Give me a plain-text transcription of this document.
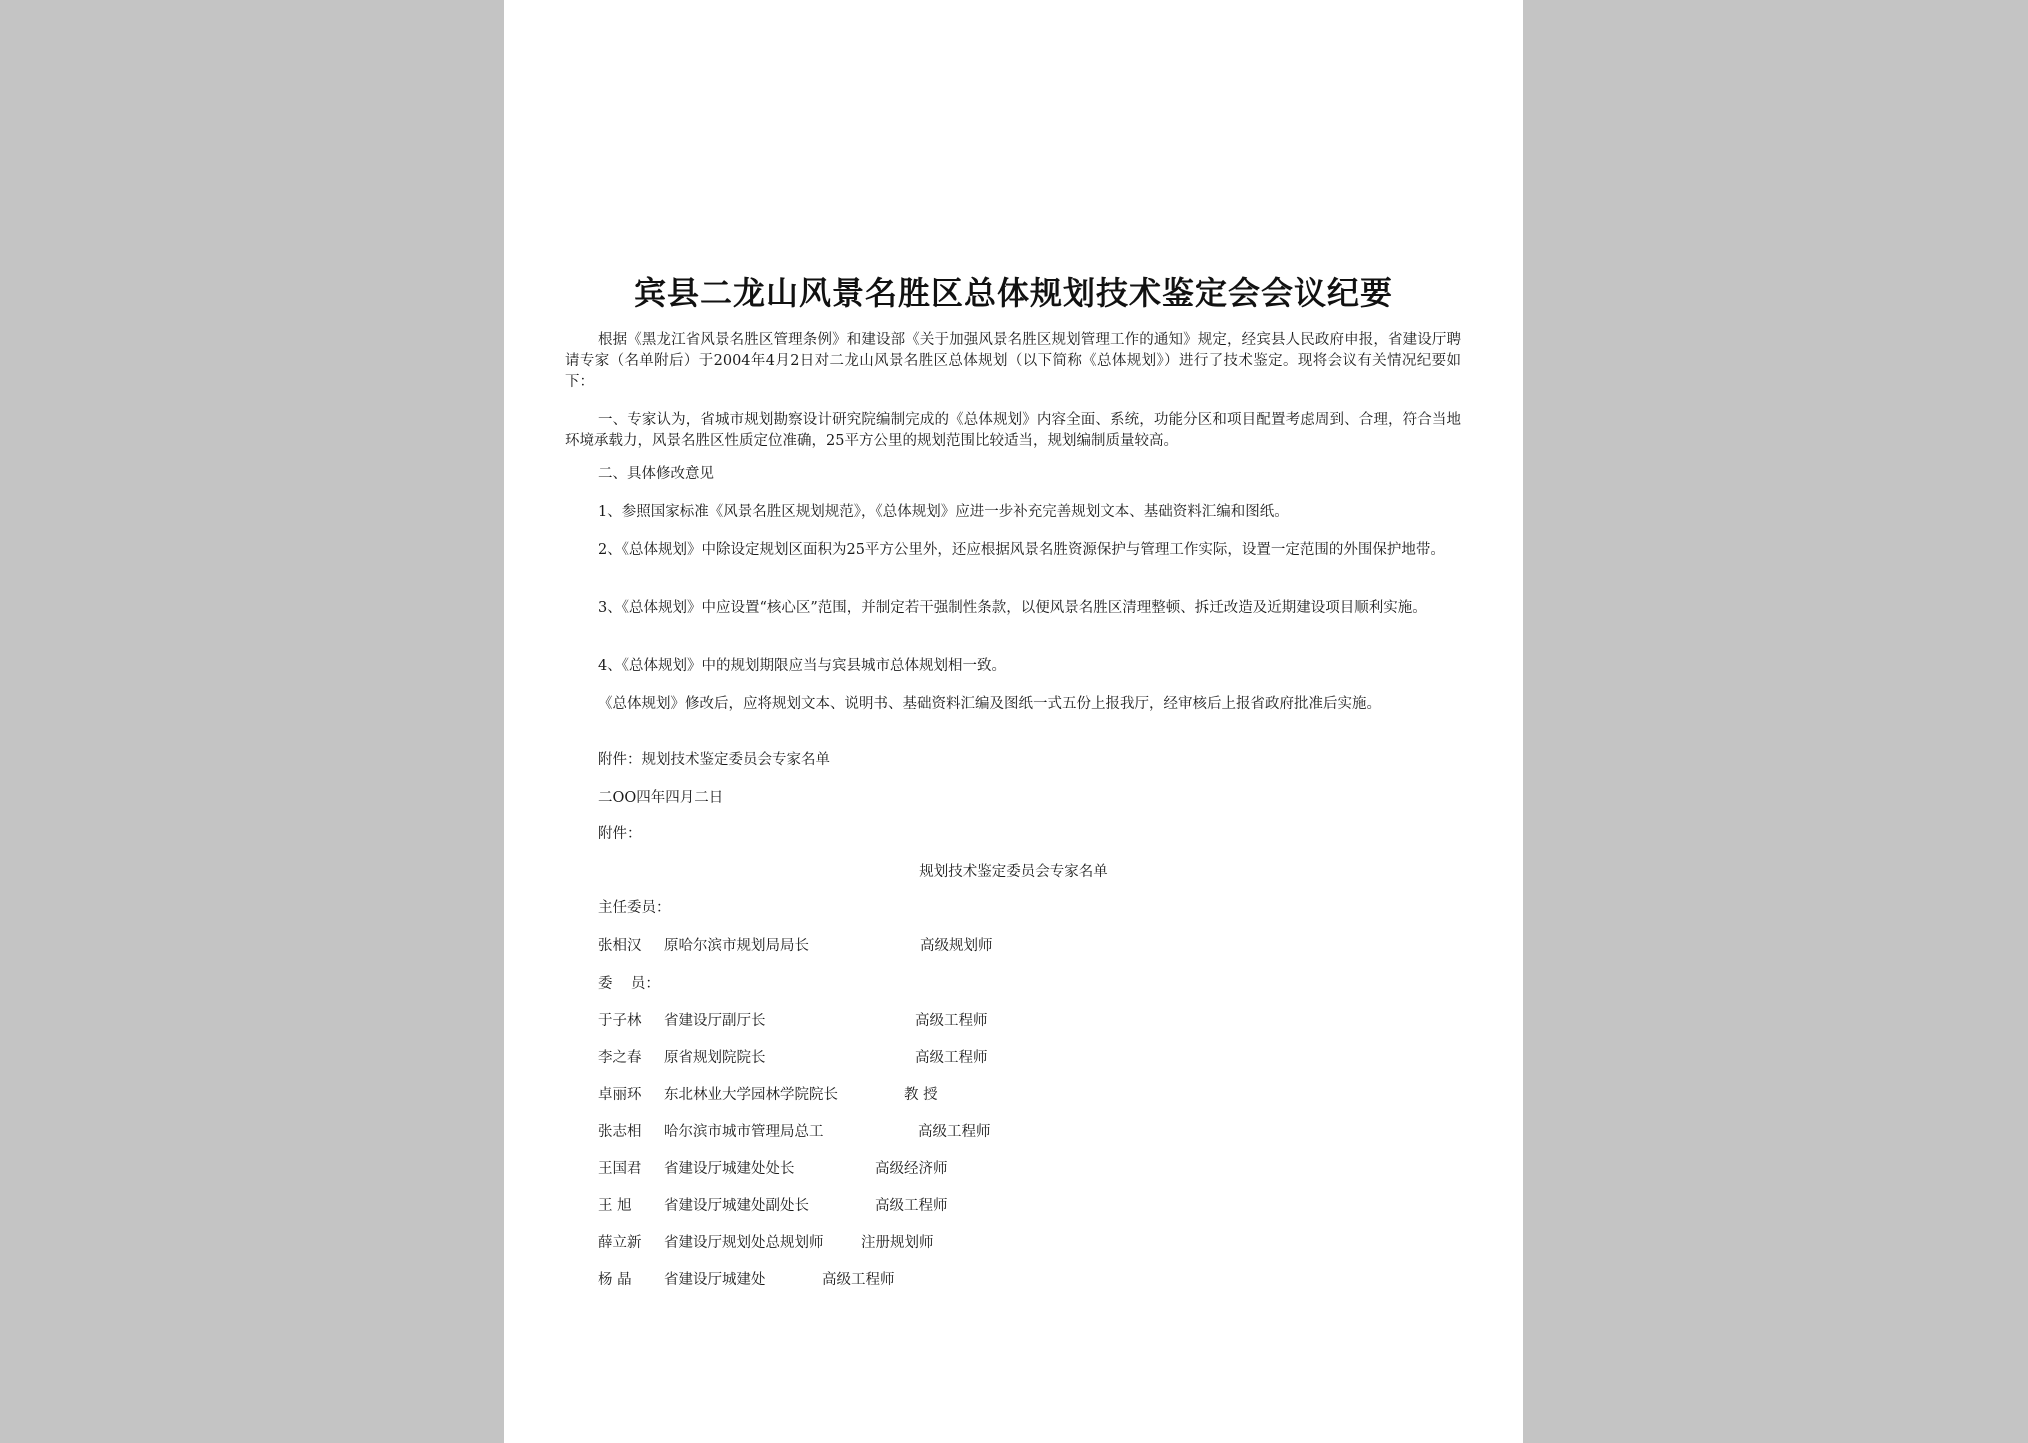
宾县二龙山风景名胜区总体规划技术鉴定会会议纪要

根据《黑龙江省风景名胜区管理条例》和建设部《关于加强风景名胜区规划管理工作的通知》规定，经宾县人民政府申报，省建设厅聘请专家（名单附后）于2004年4月2日对二龙山风景名胜区总体规划（以下简称《总体规划》）进行了技术鉴定。现将会议有关情况纪要如下：

一、专家认为，省城市规划勘察设计研究院编制完成的《总体规划》内容全面、系统，功能分区和项目配置考虑周到、合理，符合当地环境承载力，风景名胜区性质定位准确，25平方公里的规划范围比较适当，规划编制质量较高。

二、具体修改意见

1、参照国家标准《风景名胜区规划规范》，《总体规划》应进一步补充完善规划文本、基础资料汇编和图纸。

2、《总体规划》中除设定规划区面积为25平方公里外，还应根据风景名胜资源保护与管理工作实际，设置一定范围的外围保护地带。

3、《总体规划》中应设置“核心区”范围，并制定若干强制性条款，以便风景名胜区清理整顿、拆迁改造及近期建设项目顺利实施。

4、《总体规划》中的规划期限应当与宾县城市总体规划相一致。

《总体规划》修改后，应将规划文本、说明书、基础资料汇编及图纸一式五份上报我厅，经审核后上报省政府批准后实施。

附件：规划技术鉴定委员会专家名单

二OO四年四月二日

附件：

规划技术鉴定委员会专家名单

主任委员：

张相汉 原哈尔滨市规划局局长	高级规划师

委    员：

于子林 省建设厅副厅长	高级工程师
李之春 原省规划院院长	高级工程师
卓丽环 东北林业大学园林学院院长	教 授
张志相 哈尔滨市城市管理局总工	高级工程师
王国君 省建设厅城建处处长	高级经济师
王 旭 省建设厅城建处副处长	高级工程师
薛立新 省建设厅规划处总规划师	注册规划师
杨 晶 省建设厅城建处	高级工程师
